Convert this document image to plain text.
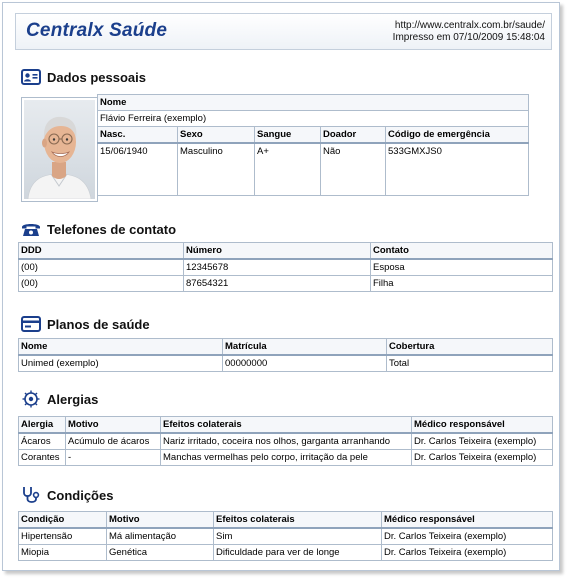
Centralx Saúde	http://www.centralx.com.br/saude/
Impresso em 07/10/2009 15:48:04
Dados pessoais
Nome				
Flávio Ferreira (exemplo)				
Nasc.	Sexo	Sangue	Doador	Código de emergência
15/06/1940	Masculino	A+	Não	533GMXJS0
Telefones de contato
DDD	Número	Contato
(00)	12345678	Esposa
(00)	87654321	Filha
Planos de saúde
Nome	Matrícula	Cobertura
Unimed (exemplo)	00000000	Total
Alergias
Alergia	Motivo	Efeitos colaterais	Médico responsável
Ácaros	Acúmulo de ácaros	Nariz irritado, coceira nos olhos, garganta arranhando	Dr. Carlos Teixeira (exemplo)
Corantes	-	Manchas vermelhas pelo corpo, irritação da pele	Dr. Carlos Teixeira (exemplo)
Condições
Condição	Motivo	Efeitos colaterais	Médico responsável
Hipertensão	Má alimentação	Sim	Dr. Carlos Teixeira (exemplo)
Miopia	Genética	Dificuldade para ver de longe	Dr. Carlos Teixeira (exemplo)
